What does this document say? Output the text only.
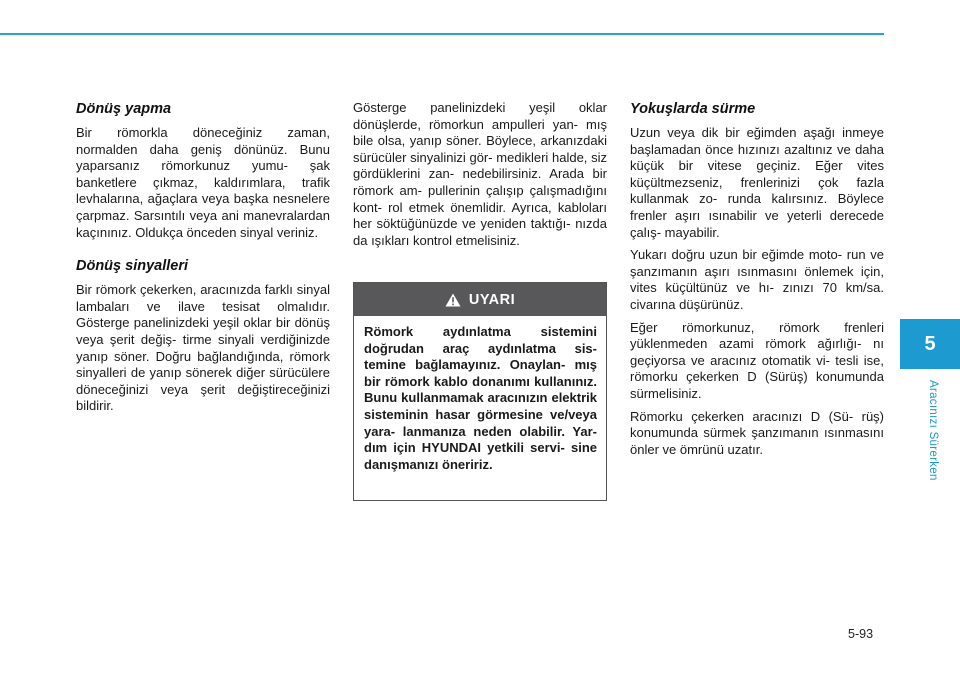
Dönüş yapma

Bir römorkla döneceğiniz zaman, normalden daha geniş dönünüz. Bunu yaparsanız römorkunuz yumu- şak banketlere çıkmaz, kaldırımlara, trafik levhalarına, ağaçlara veya başka nesnelere çarpmaz. Sarsıntılı veya ani manevralardan kaçınınız. Oldukça önceden sinyal veriniz.

Dönüş sinyalleri

Bir römork çekerken, aracınızda farklı sinyal lambaları ve ilave tesisat olmalıdır. Gösterge panelinizdeki yeşil oklar bir dönüş veya şerit değiş- tirme sinyali verdiğinizde yanıp söner. Doğru bağlandığında, römork sinyalleri de yanıp sönerek diğer sürücülere döneceğinizi veya şerit değiştireceğinizi bildirir.

Gösterge panelinizdeki yeşil oklar dönüşlerde, römorkun ampulleri yan- mış bile olsa, yanıp söner. Böylece, arkanızdaki sürücüler sinyalinizi gör- medikleri halde, siz gördüklerini zan- nedebilirsiniz. Arada bir römork am- pullerinin çalışıp çalışmadığını kont- rol etmek önemlidir. Ayrıca, kabloları her söktüğünüzde ve yeniden taktığı- nızda da ışıkları kontrol etmelisiniz.

UYARI
Römork aydınlatma sistemini doğrudan araç aydınlatma sis- temine bağlamayınız. Onaylan- mış bir römork kablo donanımı kullanınız. Bunu kullanmamak aracınızın elektrik sisteminin hasar görmesine ve/veya yara- lanmanıza neden olabilir. Yar- dım için HYUNDAI yetkili servi- sine danışmanızı öneririz.
Yokuşlarda sürme

Uzun veya dik bir eğimden aşağı inmeye başlamadan önce hızınızı azaltınız ve daha küçük bir vitese geçiniz. Eğer vites küçültmezseniz, frenlerinizi çok fazla kullanmak zo- runda kalırsınız. Böylece frenler aşırı ısınabilir ve yeterli derecede çalış- mayabilir.

Yukarı doğru uzun bir eğimde moto- run ve şanzımanın aşırı ısınmasını önlemek için, vites küçültünüz ve hı- zınızı 70 km/sa. civarına düşürünüz.

Eğer römorkunuz, römork frenleri yüklenmeden azami römork ağırlığı- nı geçiyorsa ve aracınız otomatik vi- tesli ise, römorku çekerken D (Sürüş) konumunda sürmelisiniz.

Römorku çekerken aracınızı D (Sü- rüş) konumunda sürmek şanzımanın ısınmasını önler ve ömrünü uzatır.

5
Aracınızı Sürerken
5-93
